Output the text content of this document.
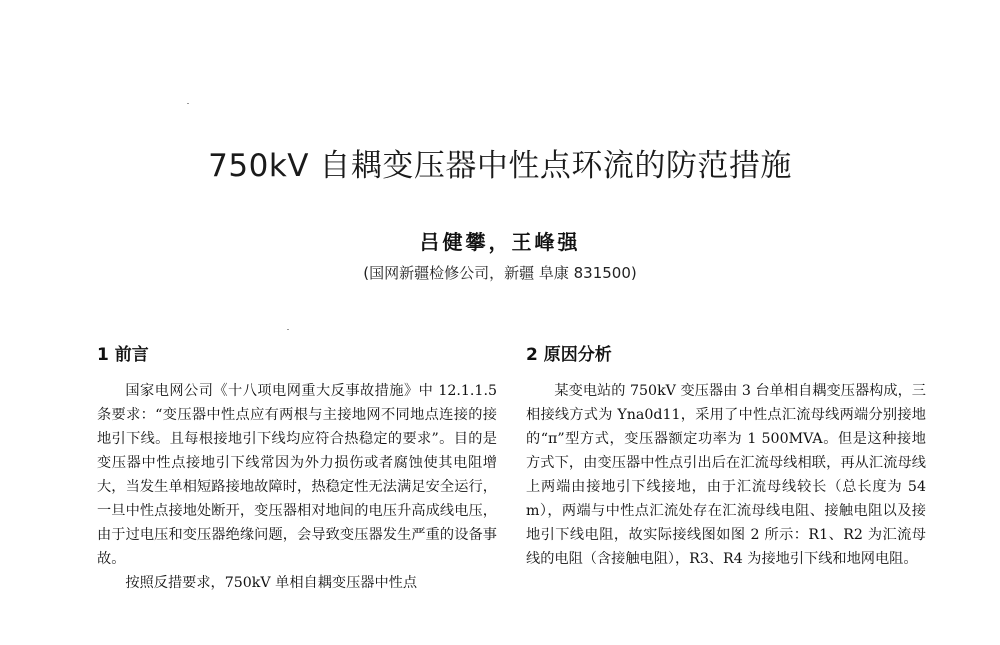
750kV 自耦变压器中性点环流的防范措施
吕健攀，王峰强
(国网新疆检修公司，新疆 阜康 831500)
1 前言

国家电网公司《十八项电网重大反事故措施》中 12.1.1.5 条要求：“变压器中性点应有两根与主接地网不同地点连接的接地引下线。且每根接地引下线均应符合热稳定的要求”。目的是变压器中性点接地引下线常因为外力损伤或者腐蚀使其电阻增大，当发生单相短路接地故障时，热稳定性无法满足安全运行，一旦中性点接地处断开，变压器相对地间的电压升高成线电压，由于过电压和变压器绝缘问题，会导致变压器发生严重的设备事故。

按照反措要求，750kV 单相自耦变压器中性点

2 原因分析

某变电站的 750kV 变压器由 3 台单相自耦变压器构成，三相接线方式为 Yna0d11，采用了中性点汇流母线两端分别接地的“π”型方式，变压器额定功率为 1 500MVA。但是这种接地方式下，由变压器中性点引出后在汇流母线相联，再从汇流母线上两端由接地引下线接地，由于汇流母线较长（总长度为 54m），两端与中性点汇流处存在汇流母线电阻、接触电阻以及接地引下线电阻，故实际接线图如图 2 所示：R1、R2 为汇流母线的电阻（含接触电阻），R3、R4 为接地引下线和地网电阻。
